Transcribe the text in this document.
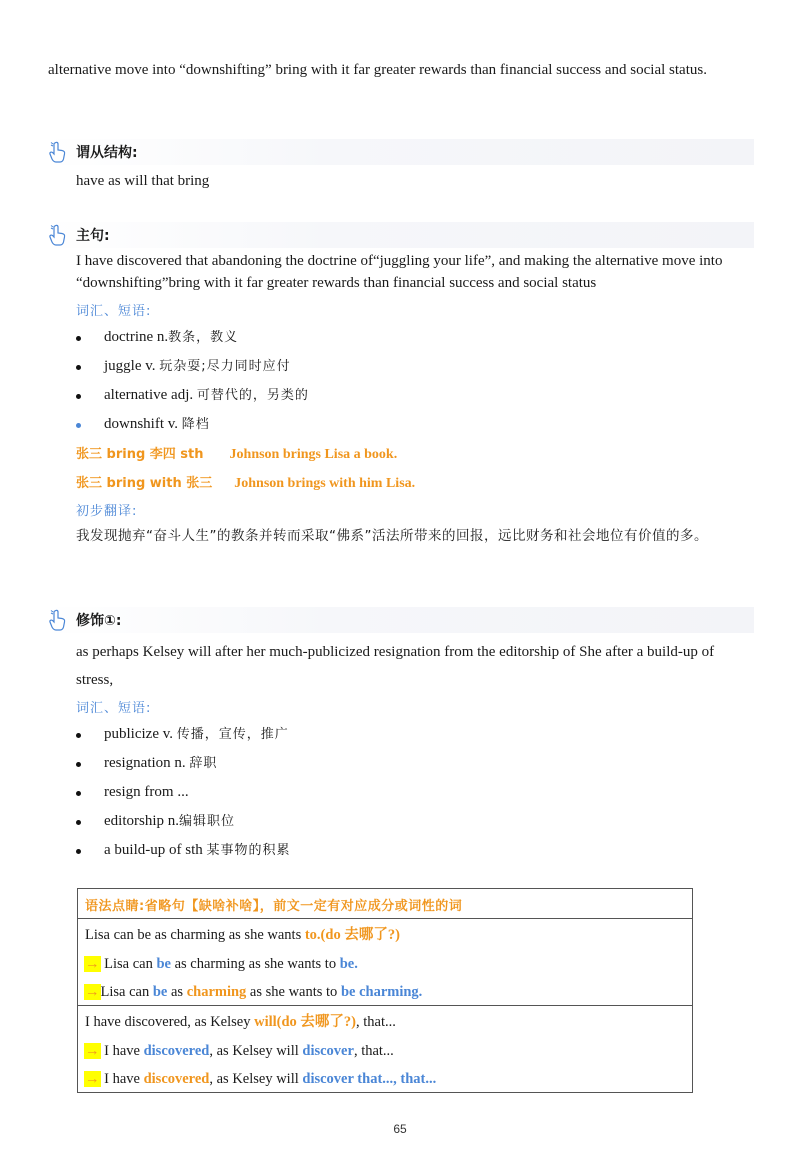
alternative move into “downshifting” bring with it far greater rewards than financial success and social status.

谓从结构:

have as will that bring

主句:

I have discovered that abandoning the doctrine of“juggling your life”, and making the alternative move into “downshifting”bring with it far greater rewards than financial success and social status

词汇、短语:
doctrine n.教条，教义
juggle v. 玩杂耍;尽力同时应付
alternative adj. 可替代的，另类的
downshift v. 降档
张三 bring 李四 sth Johnson brings Lisa a book.
张三 bring with 张三 Johnson brings with him Lisa.
初步翻译:

我发现抛弃“奋斗人生”的教条并转而采取“佛系”活法所带来的回报，远比财务和社会地位有价值的多。

修饰①:

as perhaps Kelsey will after her much-publicized resignation from the editorship of She after a build-up of stress,

词汇、短语:
publicize v. 传播，宣传，推广
resignation n. 辞职
resign from ...
editorship n.编辑职位
a build-up of sth 某事物的积累
语法点睛:省略句【缺啥补啥】，前文一定有对应成分或词性的词
Lisa can be as charming as she wants to.(do 去哪了?)
→ Lisa can be as charming as she wants to be.
→Lisa can be as charming as she wants to be charming.
I have discovered, as Kelsey will(do 去哪了?), that...
→ I have discovered, as Kelsey will discover, that...
→ I have discovered, as Kelsey will discover that..., that...
65
